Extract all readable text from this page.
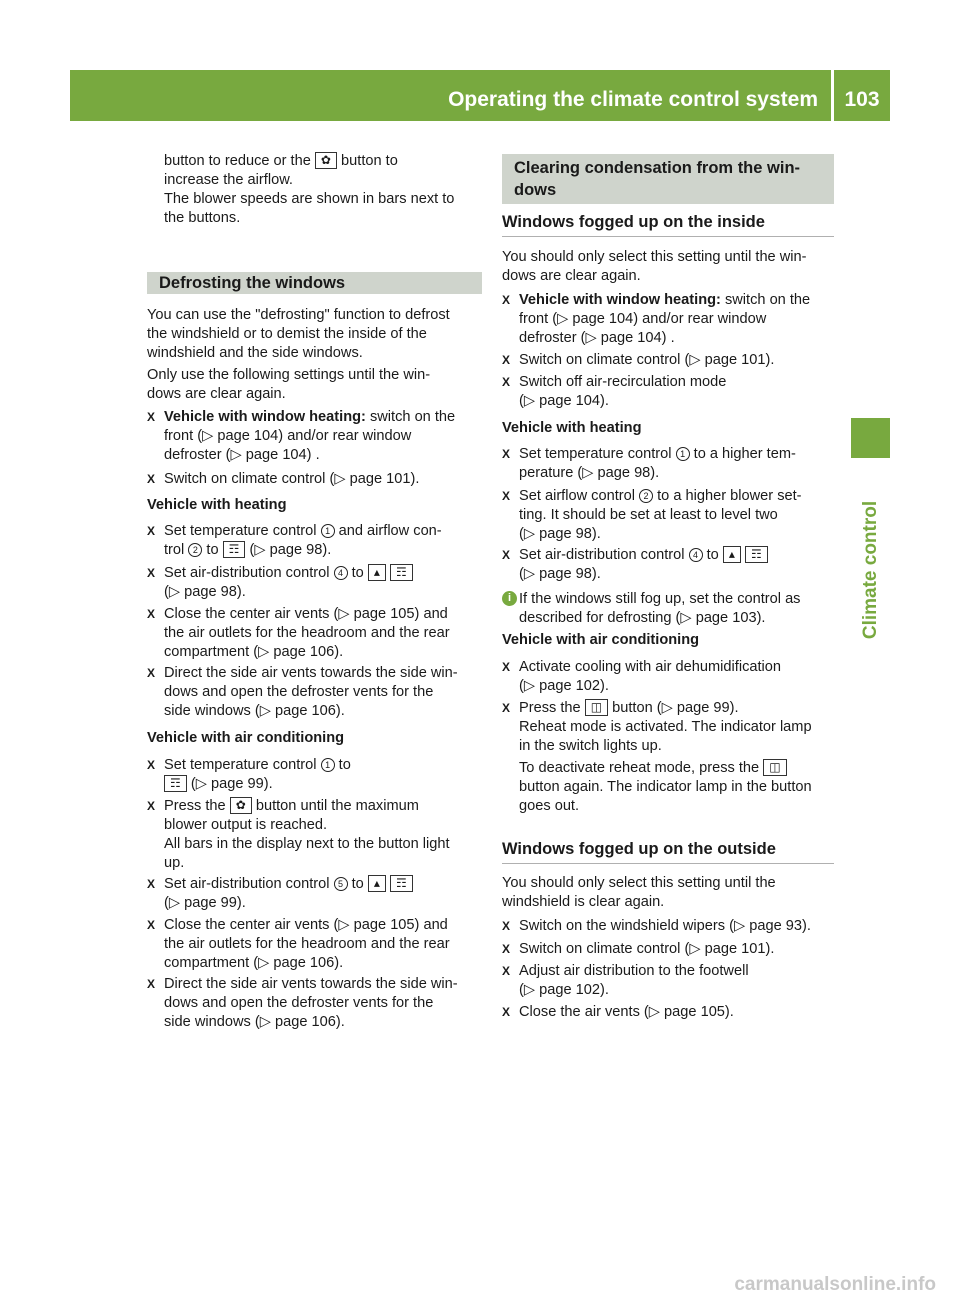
Operating the climate control system	103
Climate control

button to reduce or the ✿ button to

increase the airflow.

The blower speeds are shown in bars next to

the buttons.

Defrosting the windows

You can use the "defrosting" function to defrost

the windshield or to demist the inside of the

windshield and the side windows.

Only use the following settings until the win-

dows are clear again.

X Vehicle with window heating: switch on the

front (▷ page 104) and/or rear window

defroster (▷ page 104) .

X Switch on climate control (▷ page 101).

Vehicle with heating
X Set temperature control 1 and airflow con-

trol 2 to ☶ (▷ page 98).

X Set air-distribution control 4 to ▴ ☶

(▷ page 98).

X Close the center air vents (▷ page 105) and

the air outlets for the headroom and the rear

compartment (▷ page 106).

X Direct the side air vents towards the side win-

dows and open the defroster vents for the

side windows (▷ page 106).

Vehicle with air conditioning
X Set temperature control 1 to

☶ (▷ page 99).

X Press the ✿ button until the maximum

blower output is reached.

All bars in the display next to the button light

up.

X Set air-distribution control 5 to ▴ ☶

(▷ page 99).

X Close the center air vents (▷ page 105) and

the air outlets for the headroom and the rear

compartment (▷ page 106).

X Direct the side air vents towards the side win-

dows and open the defroster vents for the

side windows (▷ page 106).

Clearing condensation from the win-
dows
Windows fogged up on the inside

You should only select this setting until the win-

dows are clear again.

X Vehicle with window heating: switch on the

front (▷ page 104) and/or rear window

defroster (▷ page 104) .

X Switch on climate control (▷ page 101).

X Switch off air-recirculation mode

(▷ page 104).

Vehicle with heating
X Set temperature control 1 to a higher tem-

perature (▷ page 98).

X Set airflow control 2 to a higher blower set-

ting. It should be set at least to level two

(▷ page 98).

X Set air-distribution control 4 to ▴ ☶

(▷ page 98).

i If the windows still fog up, set the control as

described for defrosting (▷ page 103).

Vehicle with air conditioning
X Activate cooling with air dehumidification

(▷ page 102).

X Press the ◫ button (▷ page 99).

Reheat mode is activated. The indicator lamp

in the switch lights up.

To deactivate reheat mode, press the ◫

button again. The indicator lamp in the button

goes out.

Windows fogged up on the outside

You should only select this setting until the

windshield is clear again.

X Switch on the windshield wipers (▷ page 93).

X Switch on climate control (▷ page 101).

X Adjust air distribution to the footwell

(▷ page 102).

X Close the air vents (▷ page 105).

carmanualsonline.info
